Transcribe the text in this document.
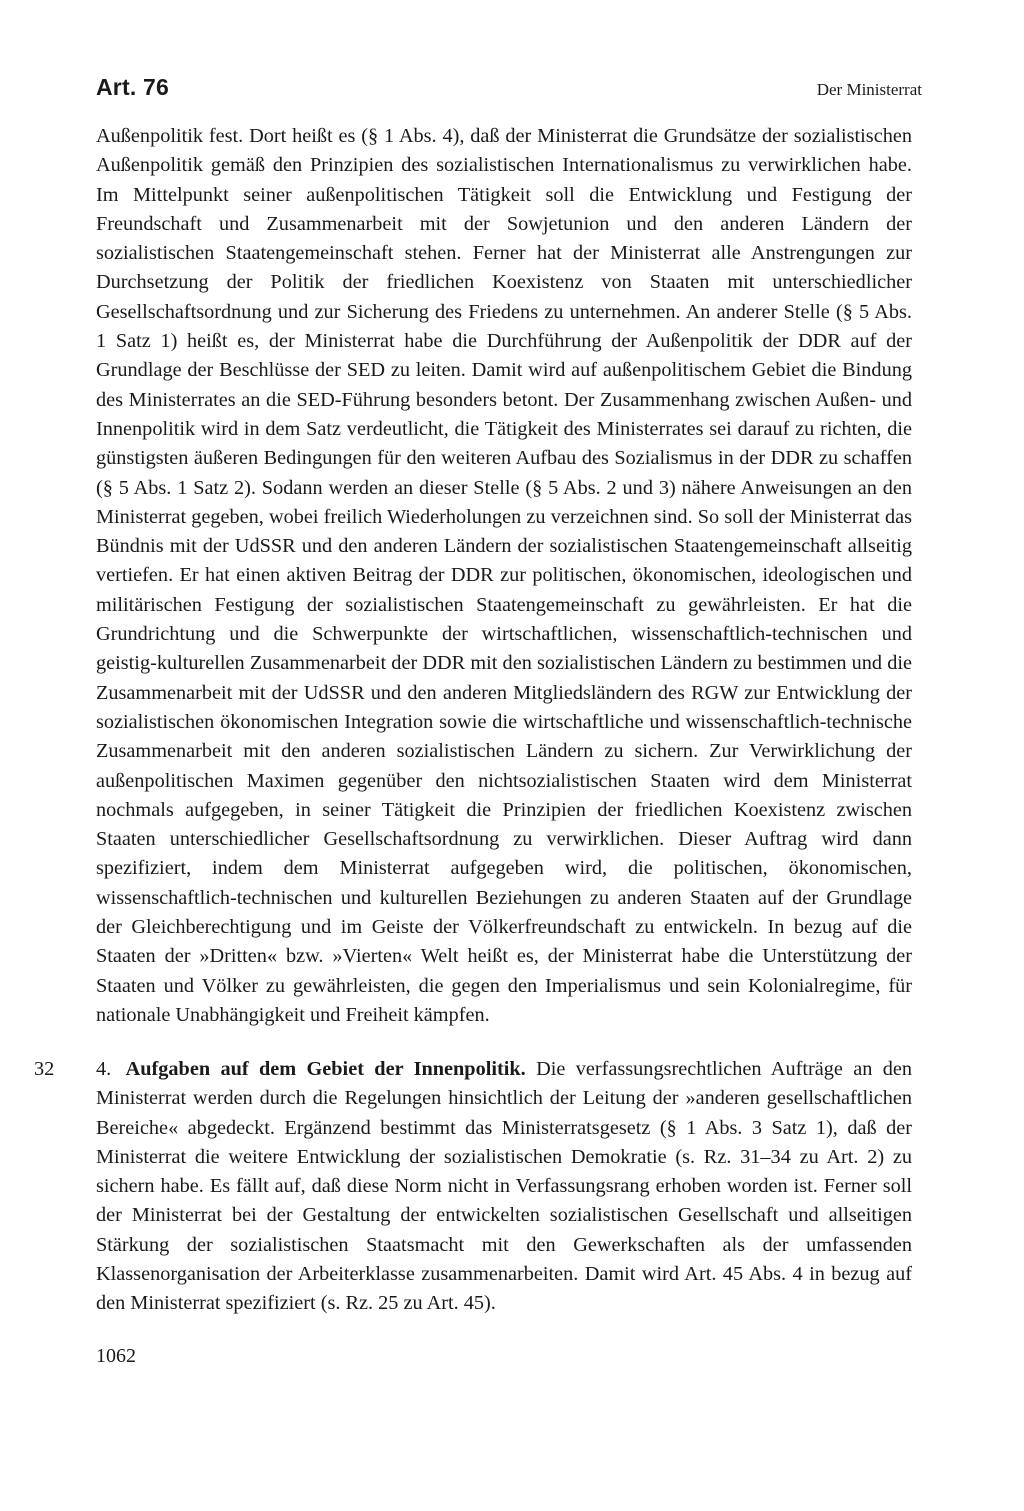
Art. 76	Der Ministerrat

Außenpolitik fest. Dort heißt es (§ 1 Abs. 4), daß der Ministerrat die Grundsätze der sozialistischen Außenpolitik gemäß den Prinzipien des sozialistischen Internationalismus zu verwirklichen habe. Im Mittelpunkt seiner außenpolitischen Tätigkeit soll die Entwicklung und Festigung der Freundschaft und Zusammenarbeit mit der Sowjetunion und den anderen Ländern der sozialistischen Staatengemeinschaft stehen. Ferner hat der Ministerrat alle Anstrengungen zur Durchsetzung der Politik der friedlichen Koexistenz von Staaten mit unterschiedlicher Gesellschaftsordnung und zur Sicherung des Friedens zu unternehmen. An anderer Stelle (§ 5 Abs. 1 Satz 1) heißt es, der Ministerrat habe die Durchführung der Außenpolitik der DDR auf der Grundlage der Beschlüsse der SED zu leiten. Damit wird auf außenpolitischem Gebiet die Bindung des Ministerrates an die SED-Führung besonders betont. Der Zusammenhang zwischen Außen- und Innenpolitik wird in dem Satz verdeutlicht, die Tätigkeit des Ministerrates sei darauf zu richten, die günstigsten äußeren Bedingungen für den weiteren Aufbau des Sozialismus in der DDR zu schaffen (§ 5 Abs. 1 Satz 2). Sodann werden an dieser Stelle (§ 5 Abs. 2 und 3) nähere Anweisungen an den Ministerrat gegeben, wobei freilich Wiederholungen zu verzeichnen sind. So soll der Ministerrat das Bündnis mit der UdSSR und den anderen Ländern der sozialistischen Staatengemeinschaft allseitig vertiefen. Er hat einen aktiven Beitrag der DDR zur politischen, ökonomischen, ideologischen und militärischen Festigung der sozialistischen Staatengemeinschaft zu gewährleisten. Er hat die Grundrichtung und die Schwerpunkte der wirtschaftlichen, wissenschaftlich-technischen und geistig-kulturellen Zusammenarbeit der DDR mit den sozialistischen Ländern zu bestimmen und die Zusammenarbeit mit der UdSSR und den anderen Mitgliedsländern des RGW zur Entwicklung der sozialistischen ökonomischen Integration sowie die wirtschaftliche und wissenschaftlich-technische Zusammenarbeit mit den anderen sozialistischen Ländern zu sichern. Zur Verwirklichung der außenpolitischen Maximen gegenüber den nichtsozialistischen Staaten wird dem Ministerrat nochmals aufgegeben, in seiner Tätigkeit die Prinzipien der friedlichen Koexistenz zwischen Staaten unterschiedlicher Gesellschaftsordnung zu verwirklichen. Dieser Auftrag wird dann spezifiziert, indem dem Ministerrat aufgegeben wird, die politischen, ökonomischen, wissenschaftlich-technischen und kulturellen Beziehungen zu anderen Staaten auf der Grundlage der Gleichberechtigung und im Geiste der Völkerfreundschaft zu entwickeln. In bezug auf die Staaten der »Dritten« bzw. »Vierten« Welt heißt es, der Ministerrat habe die Unterstützung der Staaten und Völker zu gewährleisten, die gegen den Imperialismus und sein Kolonialregime, für nationale Unabhängigkeit und Freiheit kämpfen.

32 4. Aufgaben auf dem Gebiet der Innenpolitik. Die verfassungsrechtlichen Aufträge an den Ministerrat werden durch die Regelungen hinsichtlich der Leitung der »anderen gesellschaftlichen Bereiche« abgedeckt. Ergänzend bestimmt das Ministerratsgesetz (§ 1 Abs. 3 Satz 1), daß der Ministerrat die weitere Entwicklung der sozialistischen Demokratie (s. Rz. 31–34 zu Art. 2) zu sichern habe. Es fällt auf, daß diese Norm nicht in Verfassungsrang erhoben worden ist. Ferner soll der Ministerrat bei der Gestaltung der entwickelten sozialistischen Gesellschaft und allseitigen Stärkung der sozialistischen Staatsmacht mit den Gewerkschaften als der umfassenden Klassenorganisation der Arbeiterklasse zusammenarbeiten. Damit wird Art. 45 Abs. 4 in bezug auf den Ministerrat spezifiziert (s. Rz. 25 zu Art. 45).

1062
